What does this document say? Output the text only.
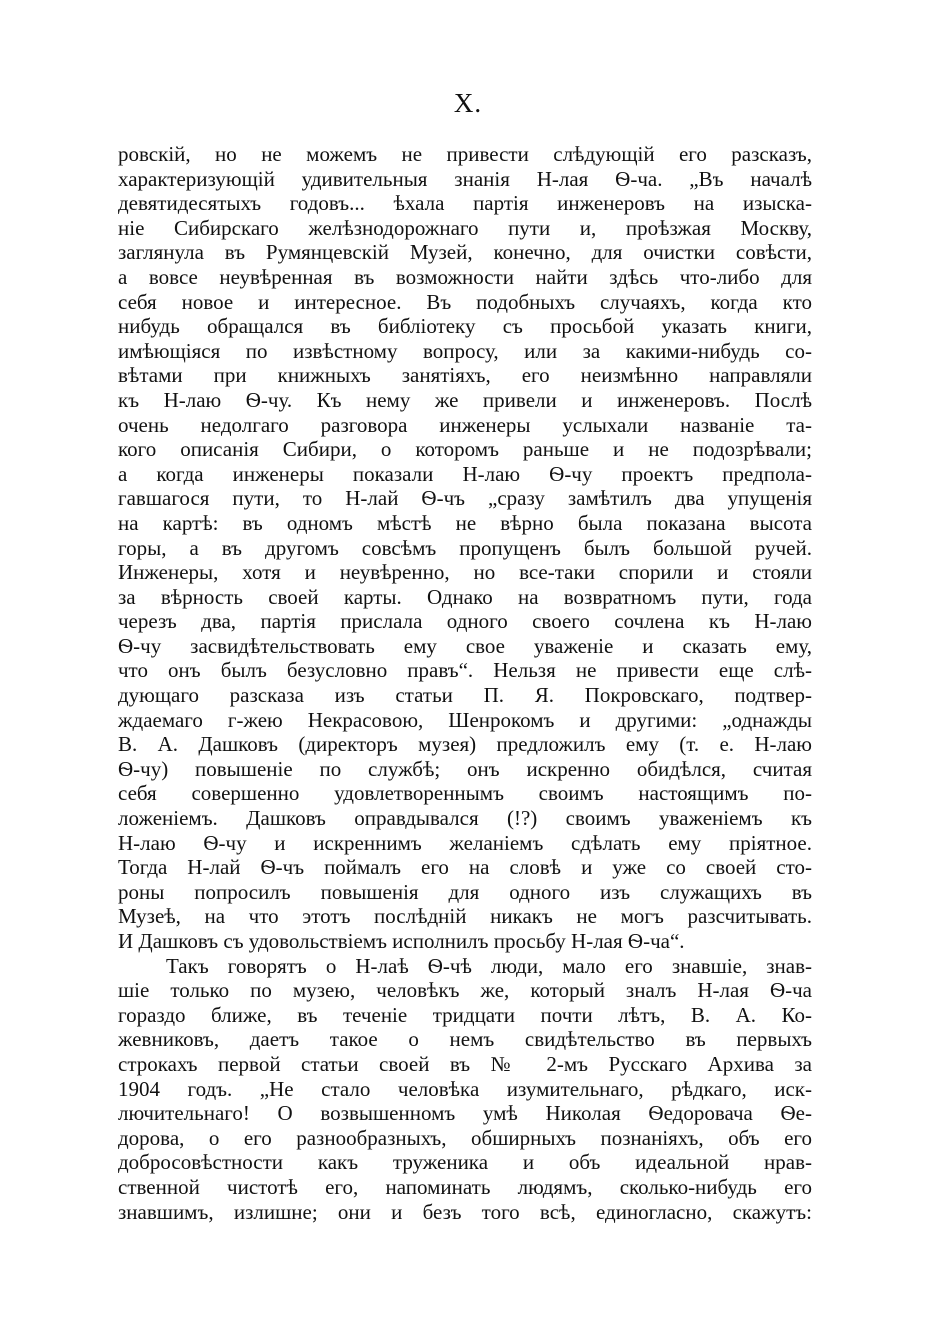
X.
ровскій, но не можемъ не привести слѣдующій его разсказъ,
характеризующій удивительныя знанія Н-лая Ѳ-ча. „Въ началѣ
девятидесятыхъ годовъ... ѣхала партія инженеровъ на изыска-
ніе Сибирскаго желѣзнодорожнаго пути и, проѣзжая Москву,
заглянула въ Румянцевскій Музей, конечно, для очистки совѣсти,
а вовсе неувѣренная въ возможности найти здѣсь что-либо для
себя новое и интересное. Въ подобныхъ случаяхъ, когда кто
нибудь обращался въ библіотеку съ просьбой указать книги,
имѣющіяся по извѣстному вопросу, или за какими-нибудь со-
вѣтами при книжныхъ занятіяхъ, его неизмѣнно направляли
къ Н-лаю Ѳ-чу. Къ нему же привели и инженеровъ. Послѣ
очень недолгаго разговора инженеры услыхали названіе та-
кого описанія Сибири, о которомъ раньше и не подозрѣвали;
а когда инженеры показали Н-лаю Ѳ-чу проектъ предпола-
гавшагося пути, то Н-лай Ѳ-чъ „сразу замѣтилъ два упущенія
на картѣ: въ одномъ мѣстѣ не вѣрно была показана высота
горы, а въ другомъ совсѣмъ пропущенъ былъ большой ручей.
Инженеры, хотя и неувѣренно, но все-таки спорили и стояли
за вѣрность своей карты. Однако на возвратномъ пути, года
черезъ два, партія прислала одного своего сочлена къ Н-лаю
Ѳ-чу засвидѣтельствовать ему свое уваженіе и сказать ему,
что онъ былъ безусловно правъ“. Нельзя не привести еще слѣ-
дующаго разсказа изъ статьи П. Я. Покровскаго, подтвер-
ждаемаго г-жею Некрасовою, Шенрокомъ и другими: „однажды
В. А. Дашковъ (директоръ музея) предложилъ ему (т. е. Н-лаю
Ѳ-чу) повышеніе по службѣ; онъ искренно обидѣлся, считая
себя совершенно удовлетвореннымъ своимъ настоящимъ по-
ложеніемъ. Дашковъ оправдывался (!?) своимъ уваженіемъ къ
Н-лаю Ѳ-чу и искреннимъ желаніемъ сдѣлать ему пріятное.
Тогда Н-лай Ѳ-чъ поймалъ его на словѣ и уже со своей сто-
роны попросилъ повышенія для одного изъ служащихъ въ
Музеѣ, на что этотъ послѣдній никакъ не могъ разсчитывать.
И Дашковъ съ удовольствіемъ исполнилъ просьбу Н-лая Ѳ-ча“.
Такъ говорятъ о Н-лаѣ Ѳ-чѣ люди, мало его знавшіе, знав-
шіе только по музею, человѣкъ же, который зналъ Н-лая Ѳ-ча
гораздо ближе, въ теченіе тридцати почти лѣтъ, В. А. Ко-
жевниковъ, даетъ такое о немъ свидѣтельство въ первыхъ
строкахъ первой статьи своей въ № 2-мъ Русскаго Архива за
1904 годъ. „Не стало человѣка изумительнаго, рѣдкаго, иск-
лючительнаго! О возвышенномъ умѣ Николая Ѳедоровача Ѳе-
дорова, о его разнообразныхъ, обширныхъ познаніяхъ, объ его
добросовѣстности какъ труженика и объ идеальной нрав-
ственной чистотѣ его, напоминать людямъ, сколько-нибудь его
знавшимъ, излишне; они и безъ того всѣ, единогласно, скажутъ:
